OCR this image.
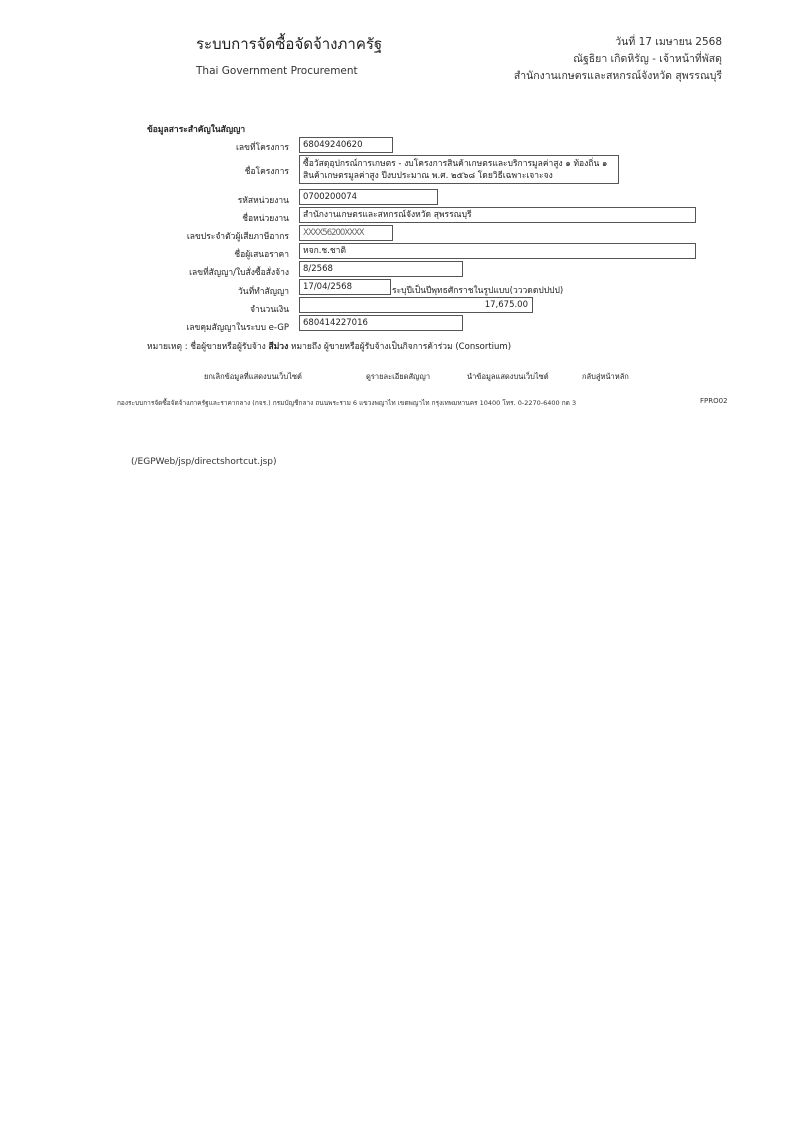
ระบบการจัดซื้อจัดจ้างภาครัฐ
Thai Government Procurement
วันที่ 17 เมษายน 2568
ณัฐธิยา เกิดหิรัญ - เจ้าหน้าที่พัสดุ
สำนักงานเกษตรและสหกรณ์จังหวัด สุพรรณบุรี
ข้อมูลสาระสำคัญในสัญญา
เลขที่โครงการ	68049240620
ชื่อโครงการ
ซื้อวัสดุอุปกรณ์การเกษตร - งบโครงการสินค้าเกษตรและบริการมูลค่าสูง ๑ ท้องถิ่น ๑
สินค้าเกษตรมูลค่าสูง ปีงบประมาณ พ.ศ. ๒๕๖๘ โดยวิธีเฉพาะเจาะจง
รหัสหน่วยงาน	0700200074
ชื่อหน่วยงาน	สำนักงานเกษตรและสหกรณ์จังหวัด สุพรรณบุรี
เลขประจำตัวผู้เสียภาษีอากร	XXXX56200XXXX
ชื่อผู้เสนอราคา	หจก.ช.ชาติ
เลขที่สัญญา/ใบสั่งซื้อสั่งจ้าง	8/2568
วันที่ทำสัญญา	17/04/2568	ระบุปีเป็นปีพุทธศักราชในรูปแบบ(วววดดปปปป)
จำนวนเงิน	17,675.00
เลขคุมสัญญาในระบบ e-GP	680414227016
หมายเหตุ : ชื่อผู้ขายหรือผู้รับจ้าง สีม่วง หมายถึง ผู้ขายหรือผู้รับจ้างเป็นกิจการค้าร่วม (Consortium)
ยกเลิกข้อมูลที่แสดงบนเว็บไซต์	ดูรายละเอียดสัญญา	นำข้อมูลแสดงบนเว็บไซต์	กลับสู่หน้าหลัก
กองระบบการจัดซื้อจัดจ้างภาครัฐและราคากลาง (กจร.) กรมบัญชีกลาง ถนนพระราม 6 แขวงพญาไท เขตพญาไท กรุงเทพมหานคร 10400 โทร. 0-2270-6400 กด 3	FPRO02
(/EGPWeb/jsp/directshortcut.jsp)
